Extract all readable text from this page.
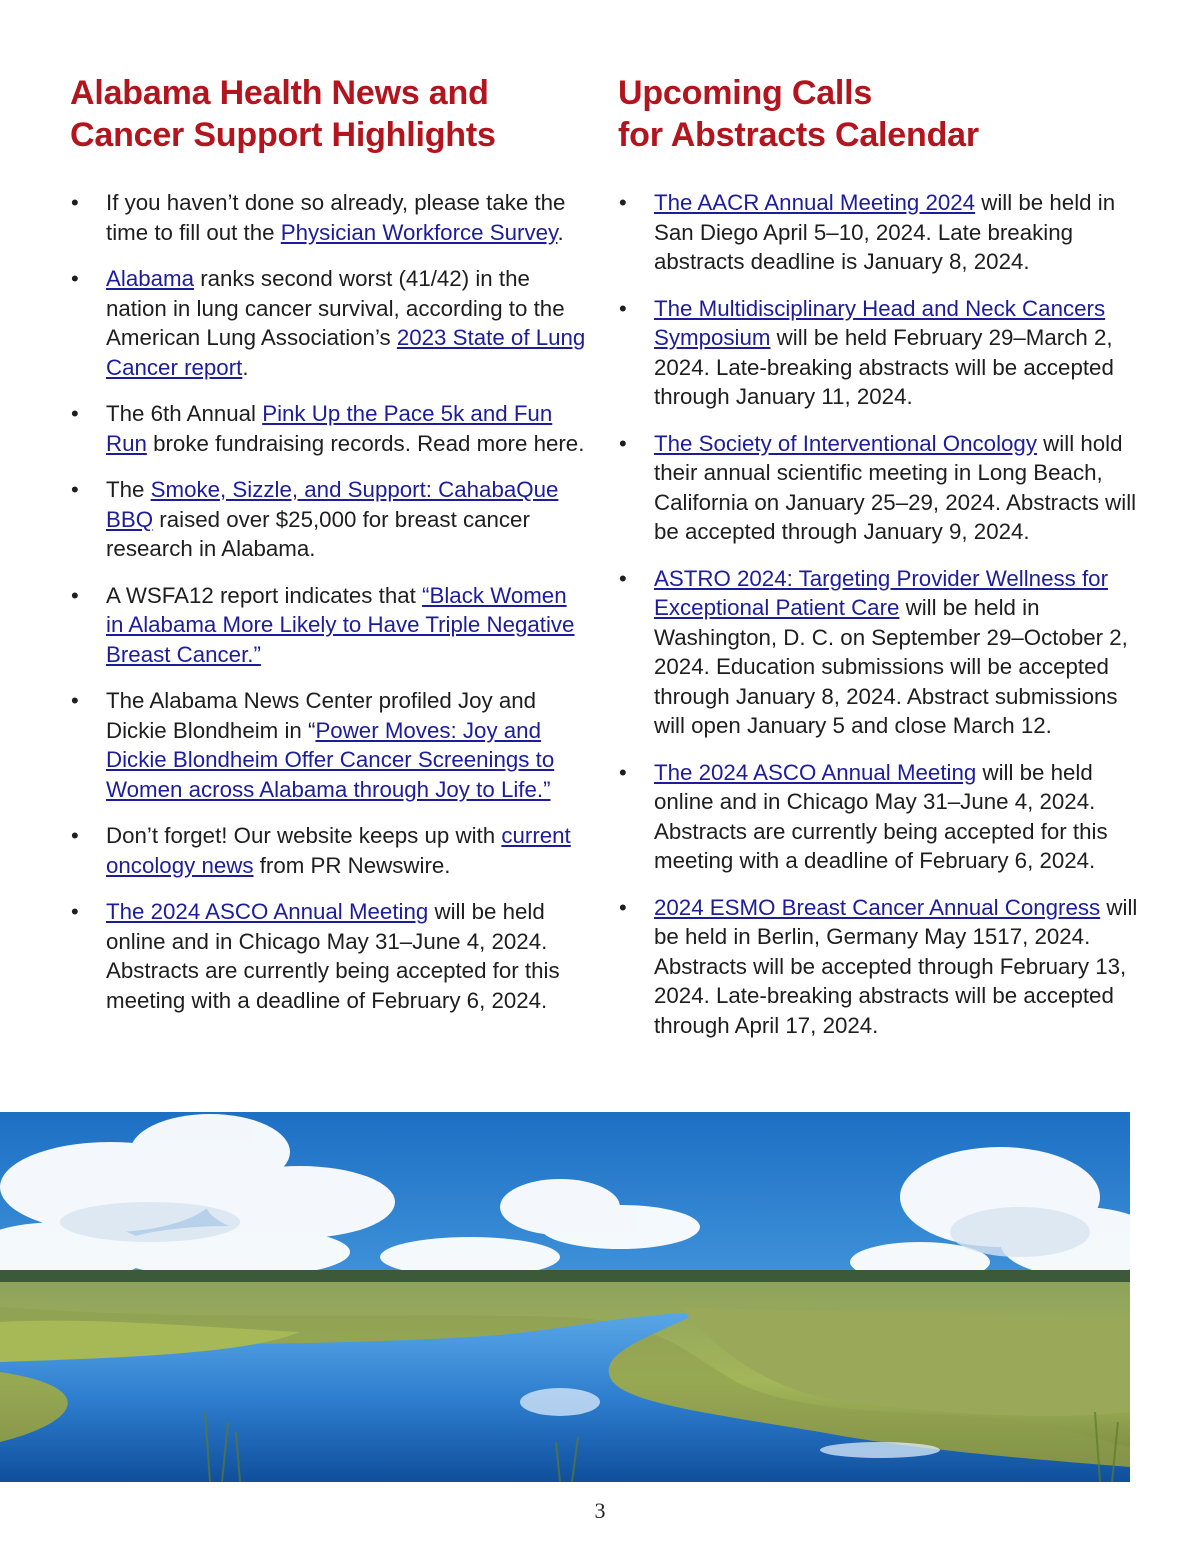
Alabama Health News and
Cancer Support Highlights
• If you haven’t done so already, please take the time to fill out the Physician Workforce Survey.
• Alabama ranks second worst (41/42) in the nation in lung cancer survival, according to the American Lung Association’s 2023 State of Lung Cancer report.
• The 6th Annual Pink Up the Pace 5k and Fun Run broke fundraising records. Read more here.
• The Smoke, Sizzle, and Support: CahabaQue BBQ raised over $25,000 for breast cancer research in Alabama.
• A WSFA12 report indicates that “Black Women in Alabama More Likely to Have Triple Negative Breast Cancer.”
• The Alabama News Center profiled Joy and Dickie Blondheim in “Power Moves: Joy and Dickie Blondheim Offer Cancer Screenings to Women across Alabama through Joy to Life.”
• Don’t forget! Our website keeps up with current oncology news from PR Newswire.
• The 2024 ASCO Annual Meeting will be held online and in Chicago May 31–June 4, 2024. Abstracts are currently being accepted for this meeting with a deadline of February 6, 2024.
Upcoming Calls
for Abstracts Calendar
• The AACR Annual Meeting 2024 will be held in San Diego April 5–10, 2024. Late breaking abstracts deadline is January 8, 2024.
• The Multidisciplinary Head and Neck Cancers Symposium will be held February 29–March 2, 2024. Late-breaking abstracts will be accepted through January 11, 2024.
• The Society of Interventional Oncology will hold their annual scientific meeting in Long Beach, California on January 25–29, 2024. Abstracts will be accepted through January 9, 2024.
• ASTRO 2024: Targeting Provider Wellness for Exceptional Patient Care will be held in Washington, D. C. on September 29–October 2, 2024. Education submissions will be accepted through January 8, 2024. Abstract submissions will open January 5 and close March 12.
• The 2024 ASCO Annual Meeting will be held online and in Chicago May 31–June 4, 2024. Abstracts are currently being accepted for this meeting with a deadline of February 6, 2024.
• 2024 ESMO Breast Cancer Annual Congress will be held in Berlin, Germany May 1517, 2024. Abstracts will be accepted through February 13, 2024. Late-breaking abstracts will be accepted through April 17, 2024.
3
